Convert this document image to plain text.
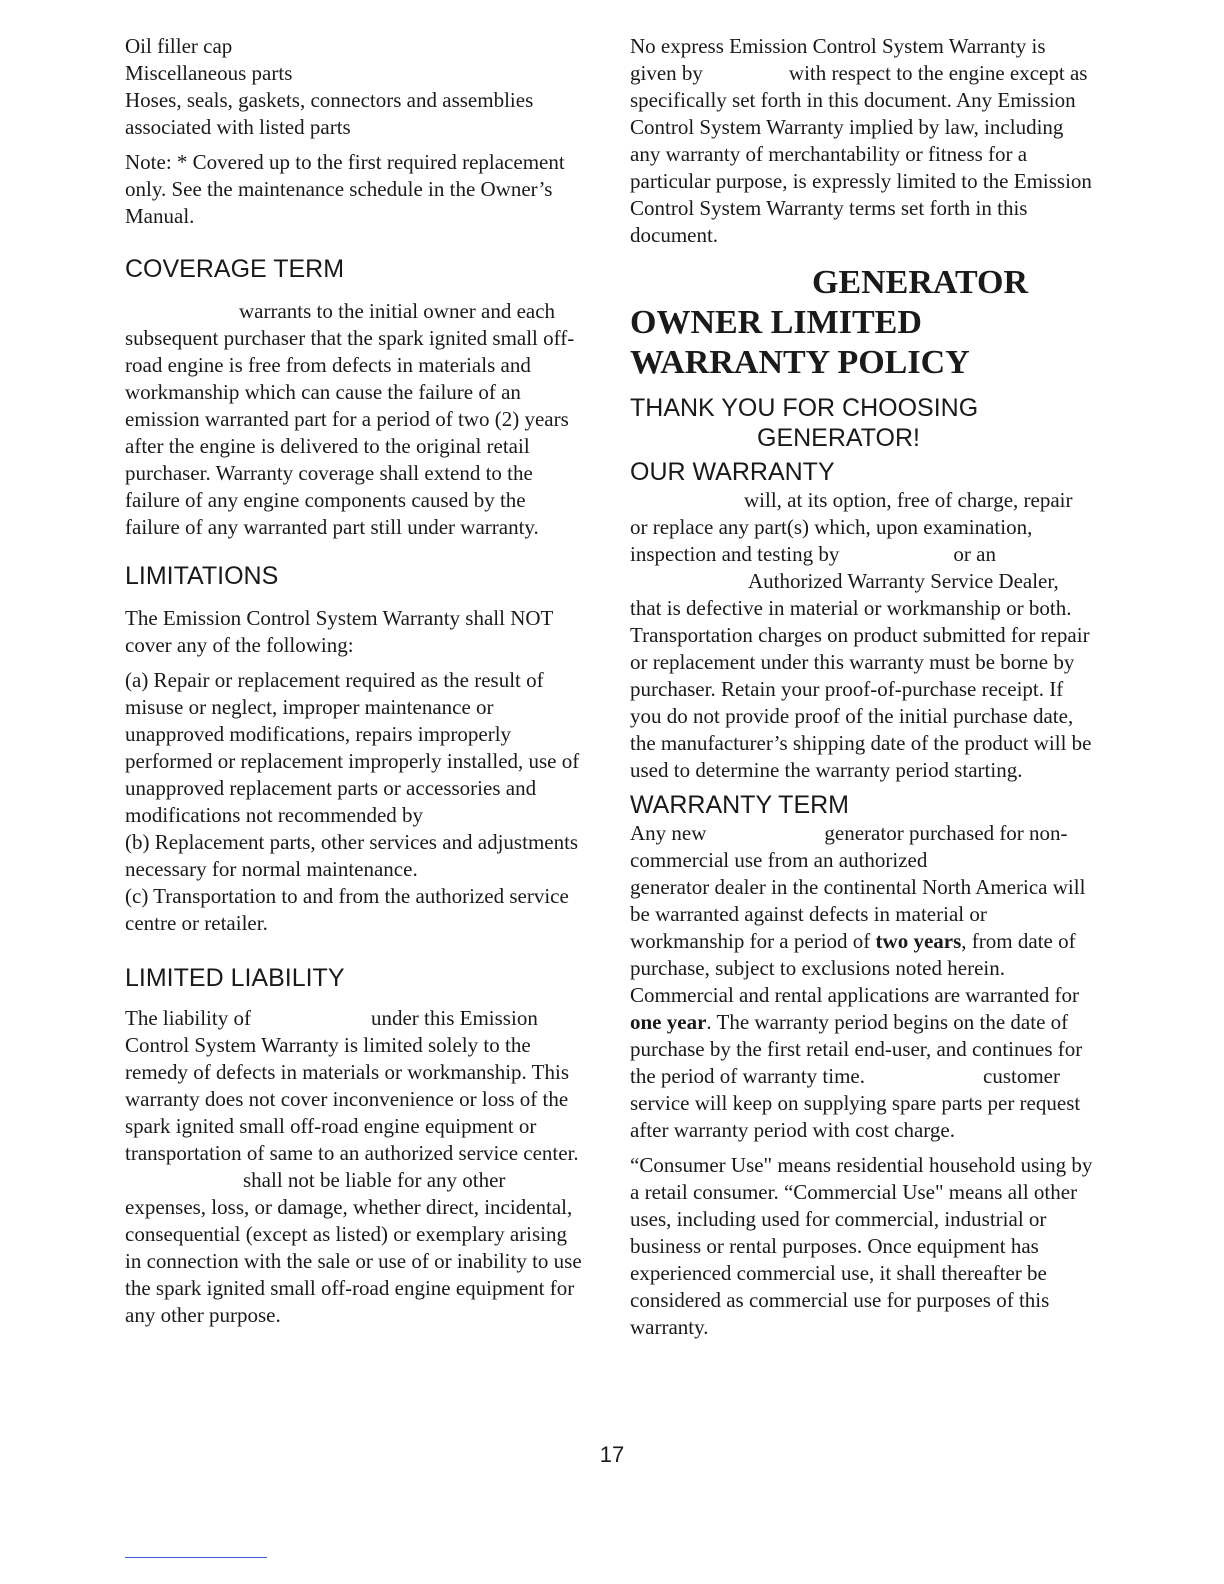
Oil filler cap

Miscellaneous parts

Hoses, seals, gaskets, connectors and assemblies associated with listed parts

Note: * Covered up to the first required replacement only. See the maintenance schedule in the Owner’s Manual.

COVERAGE TERM

warrants to the initial owner and each subsequent purchaser that the spark ignited small off-road engine is free from defects in materials and workmanship which can cause the failure of an emission warranted part for a period of two (2) years after the engine is delivered to the original retail purchaser. Warranty coverage shall extend to the failure of any engine components caused by the failure of any warranted part still under warranty.

LIMITATIONS

The Emission Control System Warranty shall NOT cover any of the following:

(a) Repair or replacement required as the result of misuse or neglect, improper maintenance or unapproved modifications, repairs improperly performed or replacement improperly installed, use of unapproved replacement parts or accessories and modifications not recommended by

(b) Replacement parts, other services and adjustments necessary for normal maintenance.

(c) Transportation to and from the authorized service centre or retailer.

LIMITED LIABILITY

The liability of	under this Emission Control System Warranty is limited solely to the remedy of defects in materials or workmanship. This warranty does not cover inconvenience or loss of the spark ignited small off-road engine equipment or transportation of same to an authorized service center.shall not be liable for any other expenses, loss, or damage, whether direct, incidental, consequential (except as listed) or exemplary arising in connection with the sale or use of or inability to use the spark ignited small off-road engine equipment for any other purpose.

No express Emission Control System Warranty is given by	with respect to the engine except as specifically set forth in this document. Any Emission Control System Warranty implied by law, including any warranty of merchantability or fitness for a particular purpose, is expressly limited to the Emission Control System Warranty terms set forth in this document.

GENERATOR
OWNER LIMITED
WARRANTY POLICY
THANK YOU FOR CHOOSING
GENERATOR!
OUR WARRANTY

will, at its option, free of charge, repair or replace any part(s) which, upon examination, inspection and testing by	or anAuthorized Warranty Service Dealer, that is defective in material or workmanship or both. Transportation charges on product submitted for repair or replacement under this warranty must be borne by purchaser. Retain your proof-of-purchase receipt. If you do not provide proof of the initial purchase date, the manufacturer’s shipping date of the product will be used to determine the warranty period starting.

WARRANTY TERM

Any new	generator purchased for non-commercial use from an authorizedgenerator dealer in the continental North America will be warranted against defects in material or workmanship for a period of two years, from date of purchase, subject to exclusions noted herein. Commercial and rental applications are warranted for one year. The warranty period begins on the date of purchase by the first retail end-user, and continues for the period of warranty time.	customer service will keep on supplying spare parts per request after warranty period with cost charge.

“Consumer Use" means residential household using by a retail consumer. “Commercial Use" means all other uses, including used for commercial, industrial or business or rental purposes. Once equipment has experienced commercial use, it shall thereafter be considered as commercial use for purposes of this warranty.

17
